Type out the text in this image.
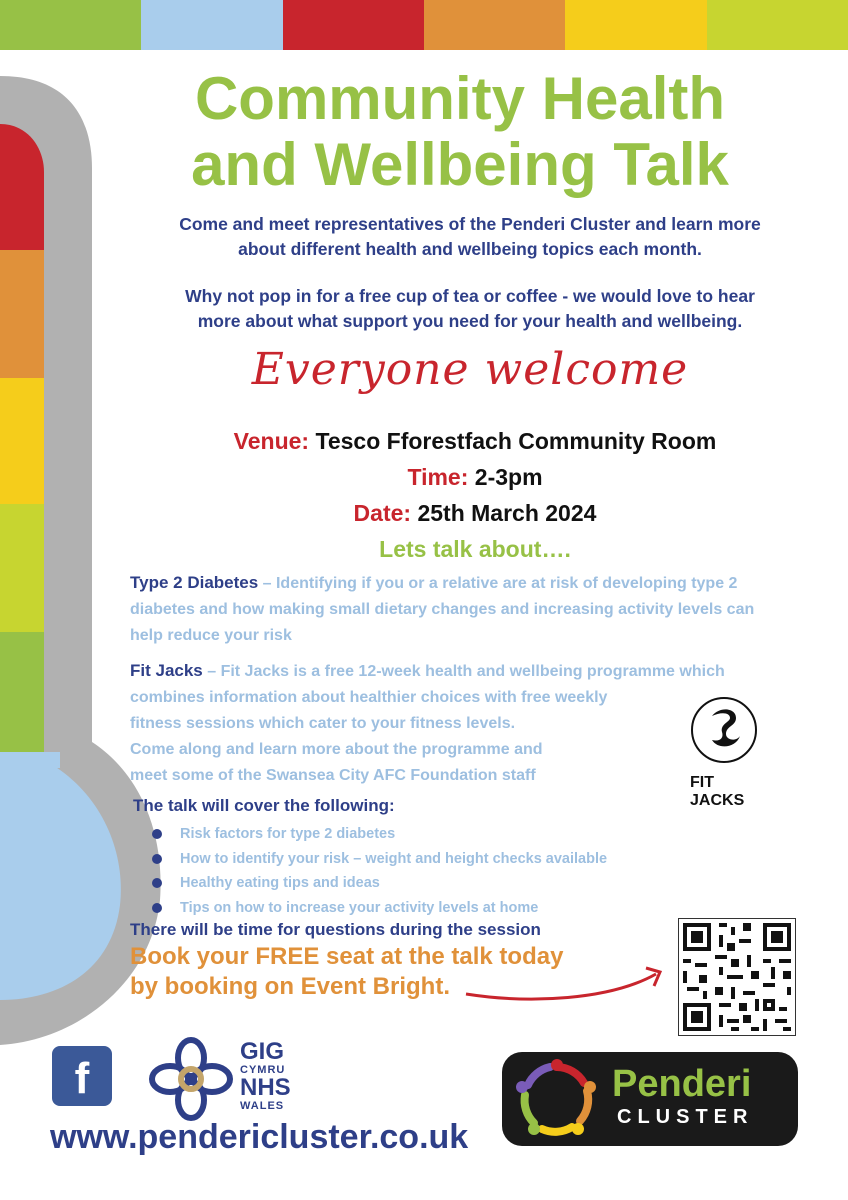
Community Health
and Wellbeing Talk

Come and meet representatives of the Penderi Cluster and learn more
about different health and wellbeing topics each month.

Why not pop in for a free cup of tea or coffee - we would love to hear
more about what support you need for your health and wellbeing.

Everyone welcome

Venue: Tesco Fforestfach Community Room

Time: 2-3pm

Date: 25th March 2024

Lets talk about….

Type 2 Diabetes – Identifying if you or a relative are at risk of developing type 2 diabetes and how making small dietary changes and increasing activity levels can help reduce your risk

Fit Jacks – Fit Jacks is a free 12-week health and wellbeing programme which
combines information about healthier choices with free weekly
fitness sessions which cater to your fitness levels.
Come along and learn more about the programme and
meet some of the Swansea City AFC Foundation staff	FIT JACKS

The talk will cover the following:

Risk factors for type 2 diabetes
How to identify your risk – weight and height checks available
Healthy eating tips and ideas
Tips on how to increase your activity levels at home

There will be time for questions during the session

Book your FREE seat at the talk today
by booking on Event Bright.

f

GIG
CYMRU
NHS
WALES

www.pendericluster.co.uk

Penderi

CLUSTER
